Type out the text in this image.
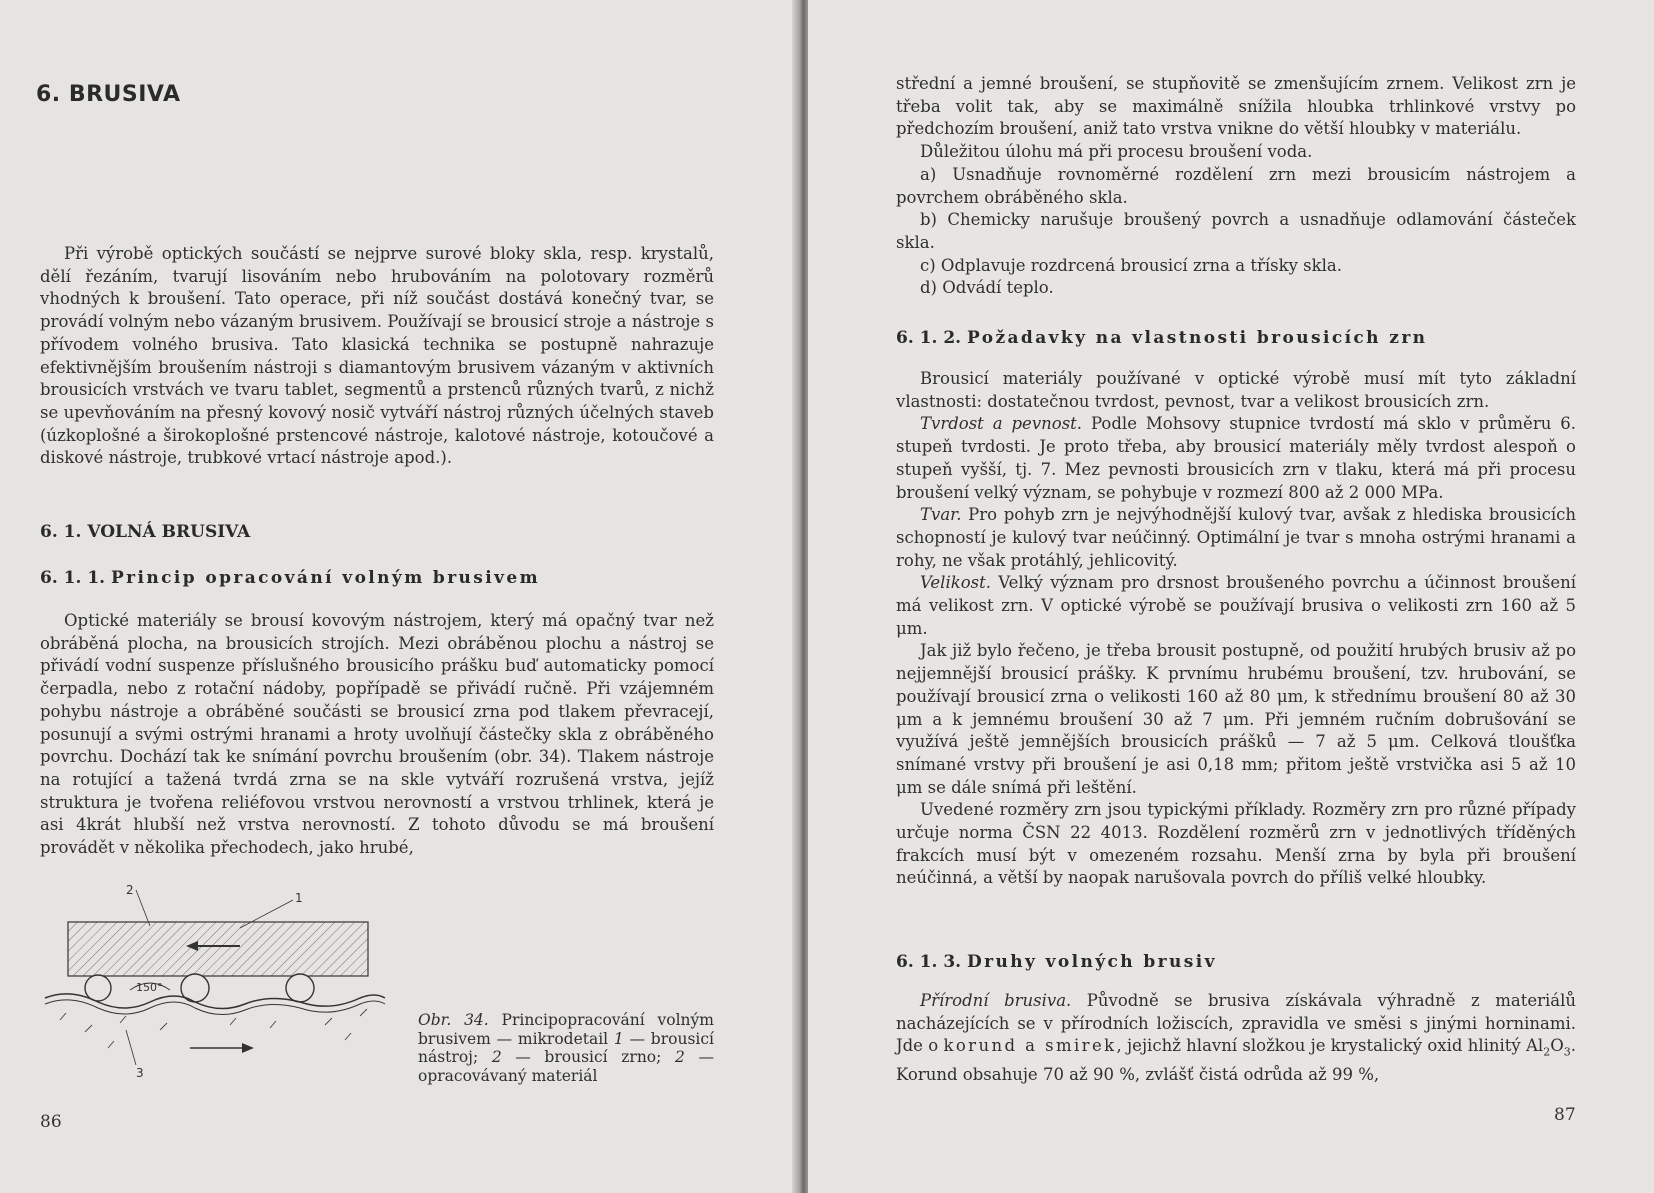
6. BRUSIVA

Při výrobě optických součástí se nejprve surové bloky skla, resp. krystalů, dělí řezáním, tvarují lisováním nebo hrubováním na polotovary rozměrů vhodných k broušení. Tato operace, při níž součást dostává konečný tvar, se provádí volným nebo vázaným brusivem. Používají se brousicí stroje a nástroje s přívodem volného brusiva. Tato klasická technika se postupně nahrazuje efektivnějším broušením nástroji s diamantovým brusivem vázaným v aktivních brousicích vrstvách ve tvaru tablet, segmentů a prstenců různých tvarů, z nichž se upevňováním na přesný kovový nosič vytváří nástroj různých účelných staveb (úzkoplošné a širokoplošné prstencové nástroje, kalotové nástroje, kotoučové a diskové nástroje, trubkové vrtací nástroje apod.).

6. 1. VOLNÁ BRUSIVA
6. 1. 1. Princip opracování volným brusivem

Optické materiály se brousí kovovým nástrojem, který má opačný tvar než obráběná plocha, na brousicích strojích. Mezi obráběnou plochu a nástroj se přivádí vodní suspenze příslušného brousicího prášku buď automaticky pomocí čerpadla, nebo z rotační nádoby, popřípadě se přivádí ručně. Při vzájemném pohybu nástroje a obráběné součásti se brousicí zrna pod tlakem převracejí, posunují a svými ostrými hranami a hroty uvolňují částečky skla z obráběného povrchu. Dochází tak ke snímání povrchu broušením (obr. 34). Tlakem nástroje na rotující a tažená tvrdá zrna se na skle vytváří rozrušená vrstva, jejíž struktura je tvořena reliéfovou vrstvou nerovností a vrstvou trhlinek, která je asi 4krát hlubší než vrstva nerovností. Z tohoto důvodu se má broušení provádět v několika přechodech, jako hrubé,

150°
2
1
3

Obr. 34. Principopracování volným brusivem — mikrodetail 1 — brousicí nástroj; 2 — brousicí zrno; 2 — opracovávaný materiál

86

střední a jemné broušení, se stupňovitě se zmenšujícím zrnem. Velikost zrn je třeba volit tak, aby se maximálně snížila hloubka trhlinkové vrstvy po předchozím broušení, aniž tato vrstva vnikne do větší hloubky v materiálu.

Důležitou úlohu má při procesu broušení voda.

a) Usnadňuje rovnoměrné rozdělení zrn mezi brousicím nástrojem a povrchem obráběného skla.

b) Chemicky narušuje broušený povrch a usnadňuje odlamování částeček skla.

c) Odplavuje rozdrcená brousicí zrna a třísky skla.

d) Odvádí teplo.

6. 1. 2. Požadavky na vlastnosti brousicích zrn

Brousicí materiály používané v optické výrobě musí mít tyto základní vlastnosti: dostatečnou tvrdost, pevnost, tvar a velikost brousicích zrn.

Tvrdost a pevnost. Podle Mohsovy stupnice tvrdostí má sklo v průměru 6. stupeň tvrdosti. Je proto třeba, aby brousicí materiály měly tvrdost alespoň o stupeň vyšší, tj. 7. Mez pevnosti brousicích zrn v tlaku, která má při procesu broušení velký význam, se pohybuje v rozmezí 800 až 2 000 MPa.

Tvar. Pro pohyb zrn je nejvýhodnější kulový tvar, avšak z hlediska brousicích schopností je kulový tvar neúčinný. Optimální je tvar s mnoha ostrými hranami a rohy, ne však protáhlý, jehlicovitý.

Velikost. Velký význam pro drsnost broušeného povrchu a účinnost broušení má velikost zrn. V optické výrobě se používají brusiva o velikosti zrn 160 až 5 μm.

Jak již bylo řečeno, je třeba brousit postupně, od použití hrubých brusiv až po nejjemnější brousicí prášky. K prvnímu hrubému broušení, tzv. hrubování, se používají brousicí zrna o velikosti 160 až 80 μm, k střednímu broušení 80 až 30 μm a k jemnému broušení 30 až 7 μm. Při jemném ručním dobrušování se využívá ještě jemnějších brousicích prášků — 7 až 5 μm. Celková tloušťka snímané vrstvy při broušení je asi 0,18 mm; přitom ještě vrstvička asi 5 až 10 μm se dále snímá při leštění.

Uvedené rozměry zrn jsou typickými příklady. Rozměry zrn pro různé případy určuje norma ČSN 22 4013. Rozdělení rozměrů zrn v jednotlivých tříděných frakcích musí být v omezeném rozsahu. Menší zrna by byla při broušení neúčinná, a větší by naopak narušovala povrch do příliš velké hloubky.

6. 1. 3. Druhy volných brusiv

Přírodní brusiva. Původně se brusiva získávala výhradně z materiálů nacházejících se v přírodních ložiscích, zpravidla ve směsi s jinými horninami. Jde o korund a smirek, jejichž hlavní složkou je krystalický oxid hlinitý $Al_2O_3$. Korund obsahuje 70 až 90 %, zvlášť čistá odrůda až 99 %,

87
